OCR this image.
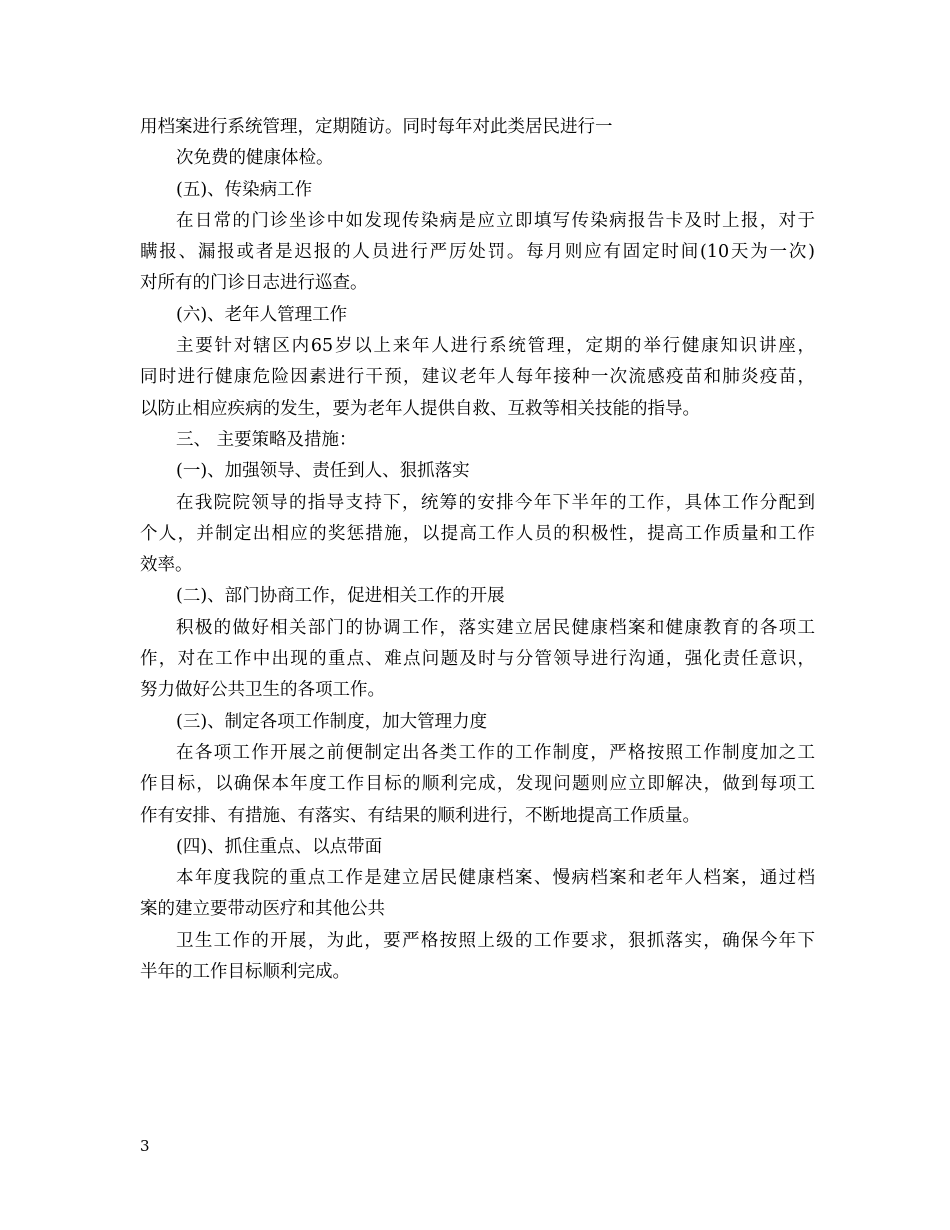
用档案进行系统管理，定期随访。同时每年对此类居民进行一
次免费的健康体检。
(五)、传染病工作
在日常的门诊坐诊中如发现传染病是应立即填写传染病报告卡及时上报，对于
瞒报、漏报或者是迟报的人员进行严厉处罚。每月则应有固定时间(10天为一次)
对所有的门诊日志进行巡查。
(六)、老年人管理工作
主要针对辖区内65岁以上来年人进行系统管理，定期的举行健康知识讲座，
同时进行健康危险因素进行干预，建议老年人每年接种一次流感疫苗和肺炎疫苗，
以防止相应疾病的发生，要为老年人提供自救、互救等相关技能的指导。
三、 主要策略及措施：
(一)、加强领导、责任到人、狠抓落实
在我院院领导的指导支持下，统筹的安排今年下半年的工作，具体工作分配到
个人，并制定出相应的奖惩措施，以提高工作人员的积极性，提高工作质量和工作
效率。
(二)、部门协商工作，促进相关工作的开展
积极的做好相关部门的协调工作，落实建立居民健康档案和健康教育的各项工
作，对在工作中出现的重点、难点问题及时与分管领导进行沟通，强化责任意识，
努力做好公共卫生的各项工作。
(三)、制定各项工作制度，加大管理力度
在各项工作开展之前便制定出各类工作的工作制度，严格按照工作制度加之工
作目标，以确保本年度工作目标的顺利完成，发现问题则应立即解决，做到每项工
作有安排、有措施、有落实、有结果的顺利进行，不断地提高工作质量。
(四)、抓住重点、以点带面
本年度我院的重点工作是建立居民健康档案、慢病档案和老年人档案，通过档
案的建立要带动医疗和其他公共
卫生工作的开展，为此，要严格按照上级的工作要求，狠抓落实，确保今年下
半年的工作目标顺利完成。
3
